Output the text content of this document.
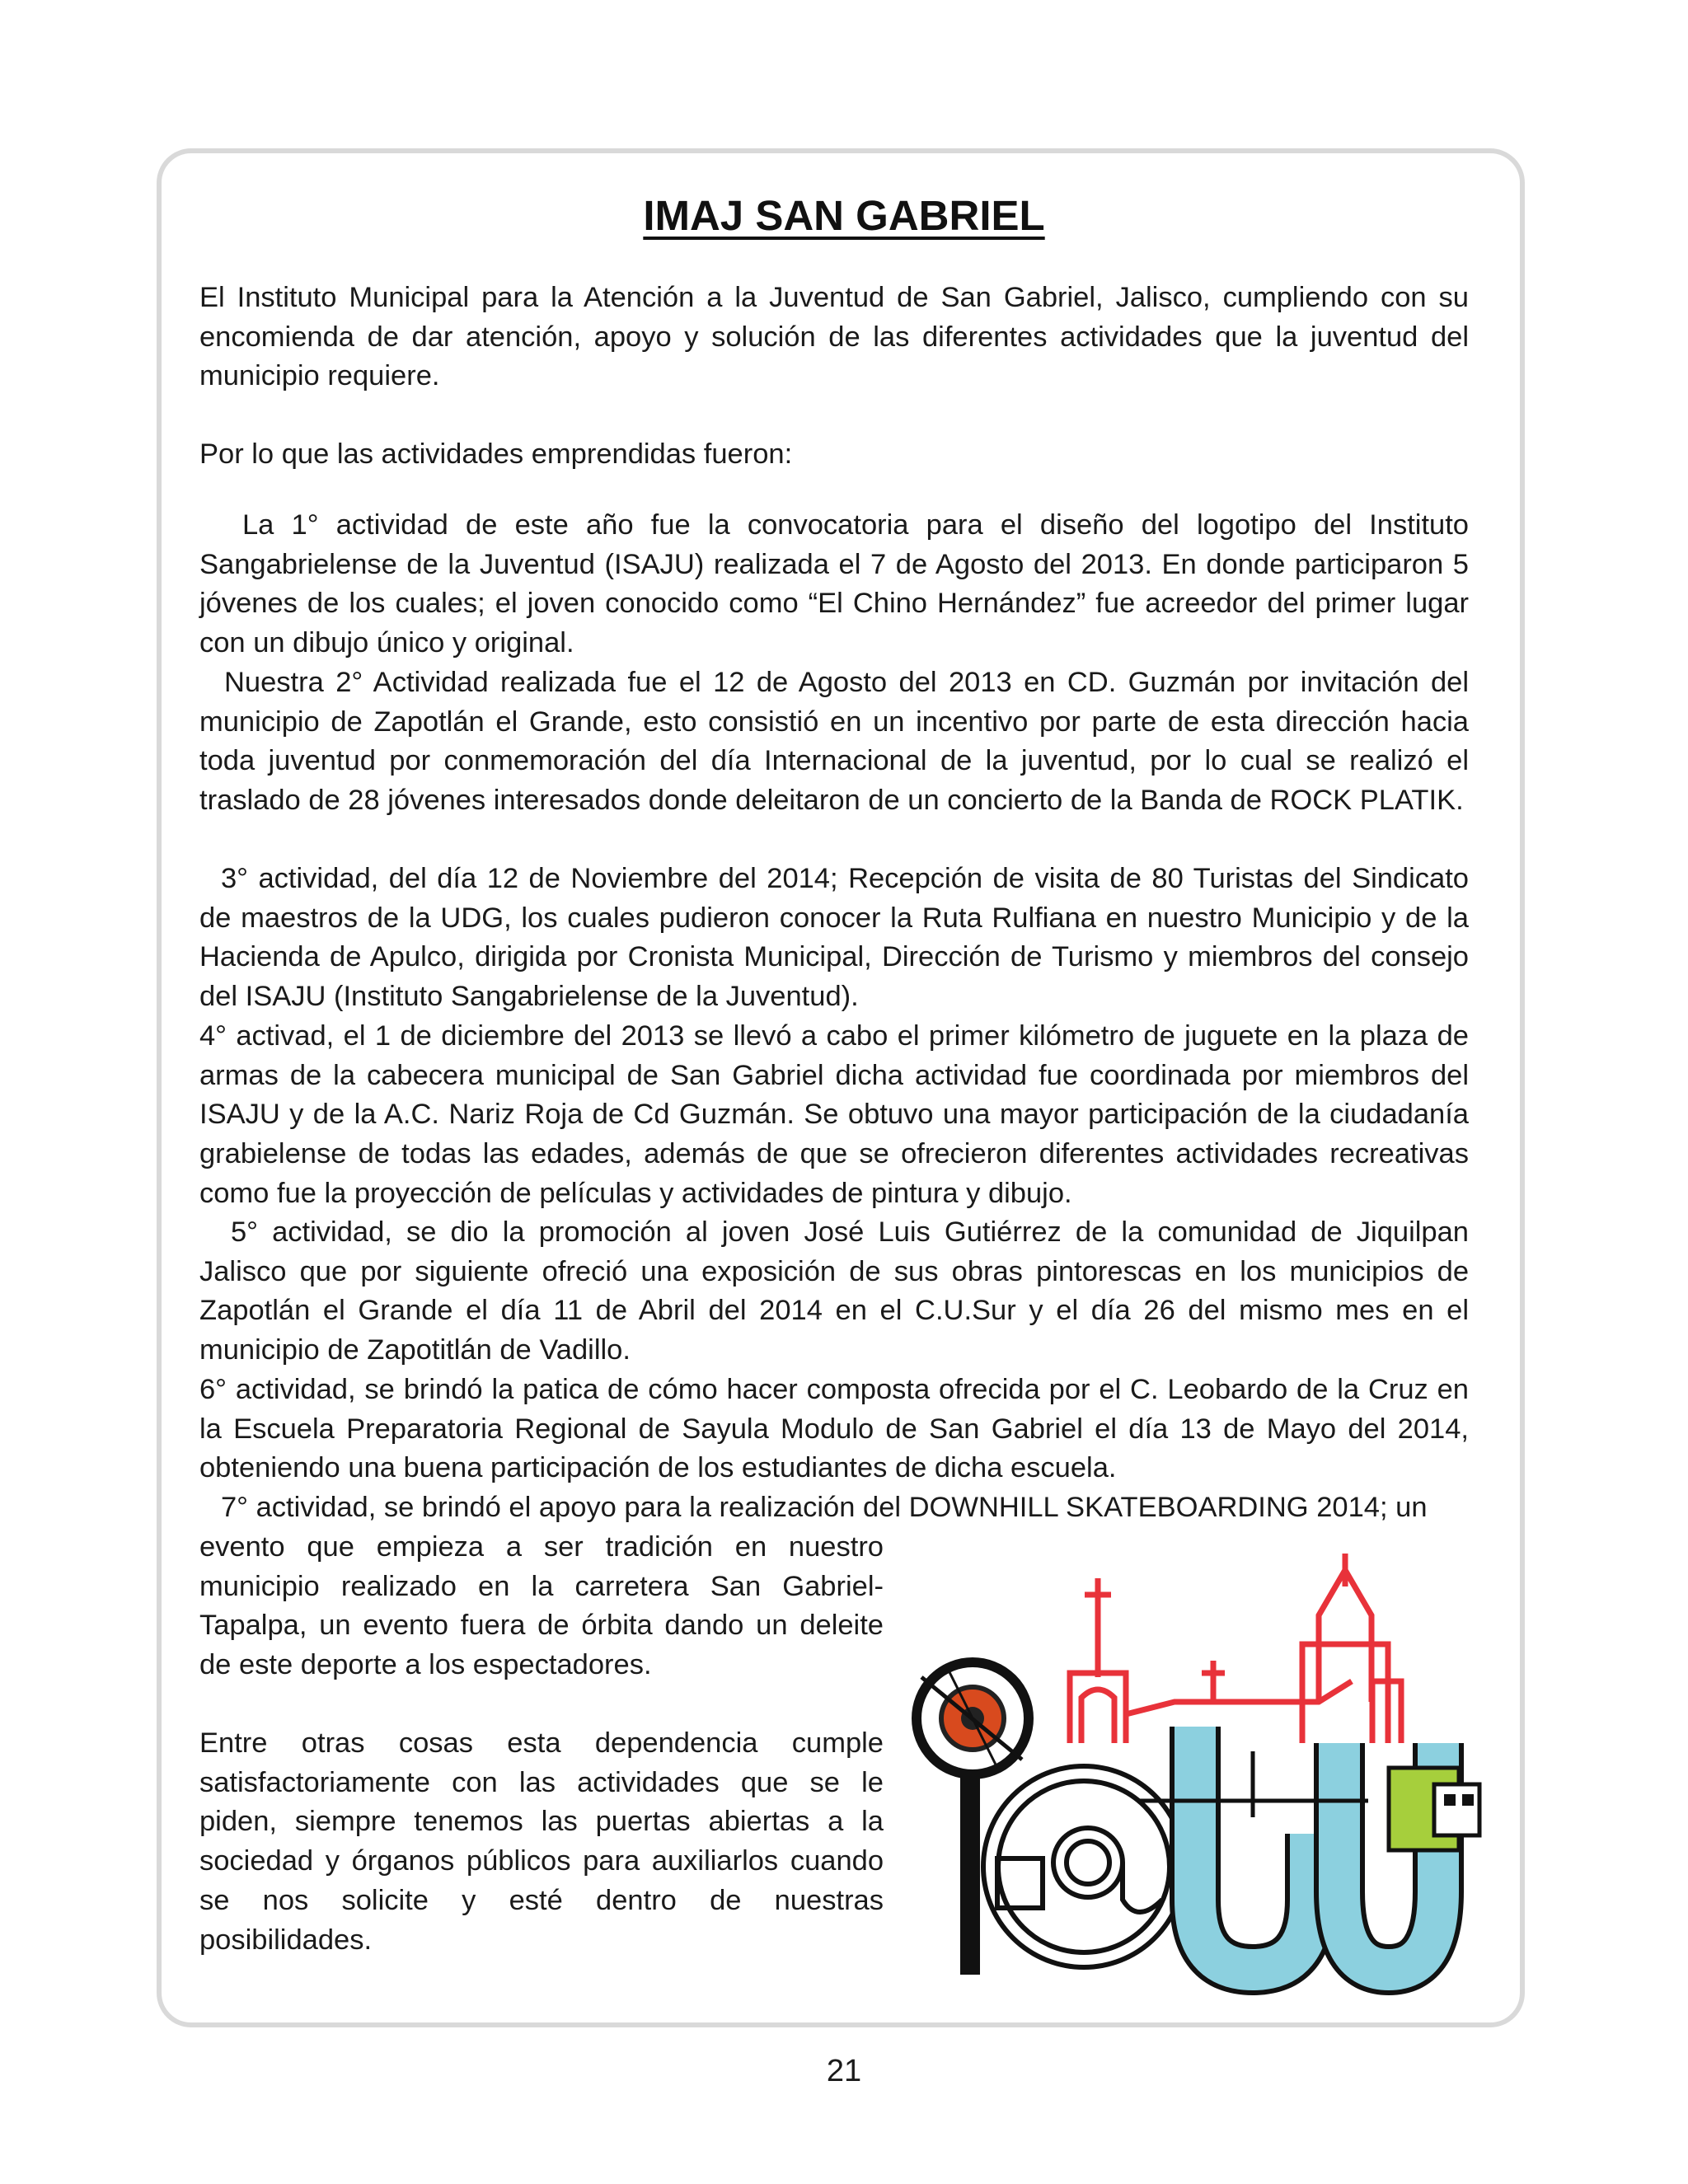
IMAJ SAN GABRIEL

El Instituto Municipal para la Atención a la Juventud de San Gabriel, Jalisco, cumpliendo con su encomienda de dar atención, apoyo y solución de las diferentes actividades que la juventud del municipio requiere.

Por lo que las actividades emprendidas fueron:

La 1° actividad de este año fue la convocatoria para el diseño del logotipo del Instituto Sangabrielense de la Juventud (ISAJU) realizada el 7 de Agosto del 2013. En donde participaron 5 jóvenes de los cuales; el joven conocido como “El Chino Hernández” fue acreedor del primer lugar con un dibujo único y original.

Nuestra 2° Actividad realizada fue el 12 de Agosto del 2013 en CD. Guzmán por invitación del municipio de Zapotlán el Grande, esto consistió en un incentivo por parte de esta dirección hacia toda juventud por conmemoración del día Internacional de la juventud, por lo cual se realizó el traslado de 28 jóvenes interesados donde deleitaron de un concierto de la Banda de ROCK PLATIK.

3° actividad, del día 12 de Noviembre del 2014; Recepción de visita de 80 Turistas del Sindicato de maestros de la UDG, los cuales pudieron conocer la Ruta Rulfiana en nuestro Municipio y de la Hacienda de Apulco, dirigida por Cronista Municipal, Dirección de Turismo y miembros del consejo del ISAJU (Instituto Sangabrielense de la Juventud).

4° activad, el 1 de diciembre del 2013 se llevó a cabo el primer kilómetro de juguete en la plaza de armas de la cabecera municipal de San Gabriel dicha actividad fue coordinada por miembros del ISAJU y de la A.C. Nariz Roja de Cd Guzmán. Se obtuvo una mayor participación de la ciudadanía grabielense de todas las edades, además de que se ofrecieron diferentes actividades recreativas como fue la proyección de películas y actividades de pintura y dibujo.

5° actividad, se dio la promoción al joven José Luis Gutiérrez de la comunidad de Jiquilpan Jalisco que por siguiente ofreció una exposición de sus obras pintorescas en los municipios de Zapotlán el Grande el día 11 de Abril del 2014 en el C.U.Sur y el día 26 del mismo mes en el municipio de Zapotitlán de Vadillo.

6° actividad, se brindó la patica de cómo hacer composta ofrecida por el C. Leobardo de la Cruz en la Escuela Preparatoria Regional de Sayula Modulo de San Gabriel el día 13 de Mayo del 2014, obteniendo una buena participación de los estudiantes de dicha escuela.

7° actividad, se brindó el apoyo para la realización del DOWNHILL SKATEBOARDING 2014; un

evento que empieza a ser tradición en nuestro municipio realizado en la carretera San Gabriel-Tapalpa, un evento fuera de órbita dando un deleite de este deporte a los espectadores.

Entre otras cosas esta dependencia cumple satisfactoriamente con las actividades que se le piden, siempre tenemos las puertas abiertas a la sociedad y órganos públicos para auxiliarlos cuando se nos solicite y esté dentro de nuestras posibilidades.

21
